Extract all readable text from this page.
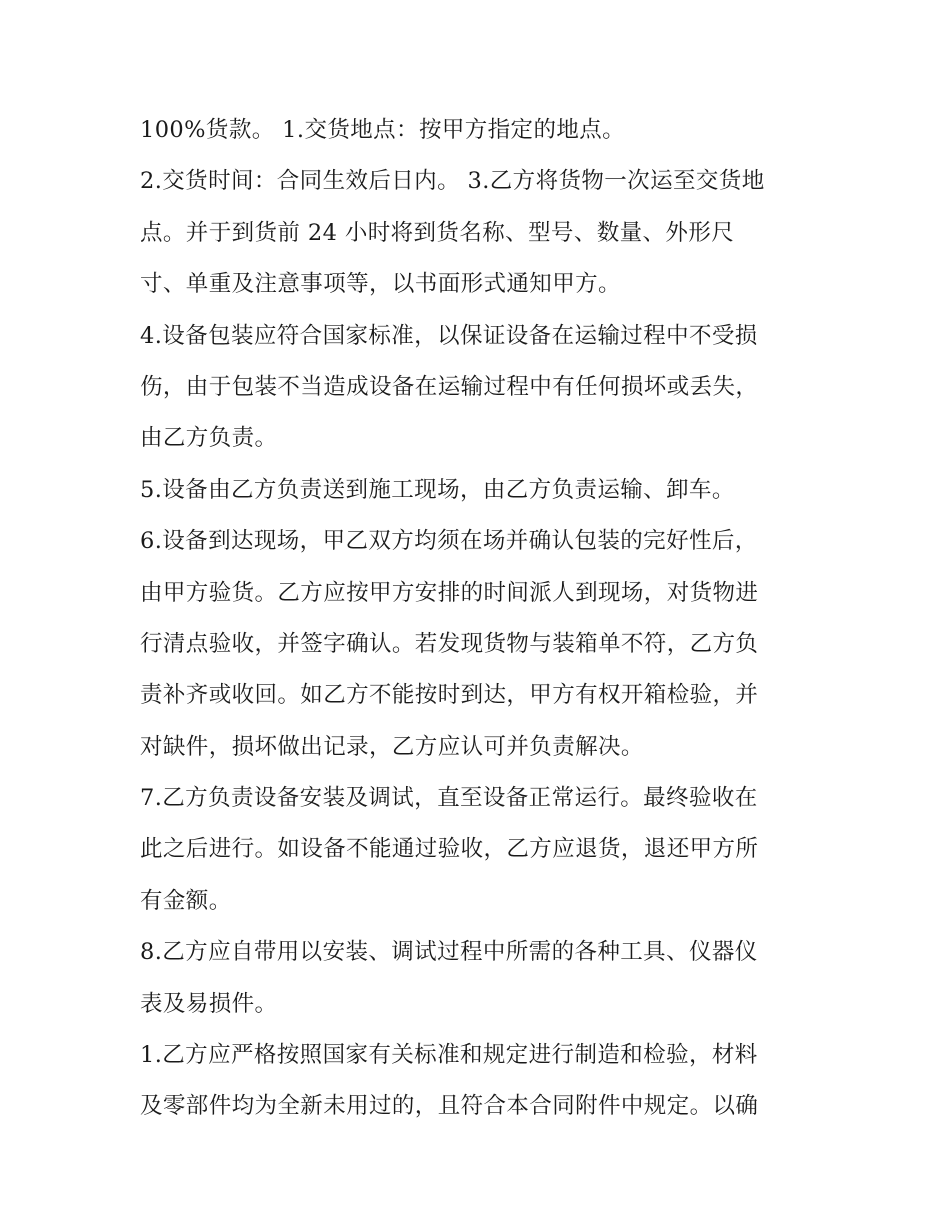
100%货款。 1.交货地点：按甲方指定的地点。
2.交货时间：合同生效后日内。 3.乙方将货物一次运至交货地
点。并于到货前 24 小时将到货名称、型号、数量、外形尺
寸、单重及注意事项等，以书面形式通知甲方。
4.设备包装应符合国家标准，以保证设备在运输过程中不受损
伤，由于包装不当造成设备在运输过程中有任何损坏或丢失，
由乙方负责。
5.设备由乙方负责送到施工现场，由乙方负责运输、卸车。
6.设备到达现场，甲乙双方均须在场并确认包装的完好性后，
由甲方验货。乙方应按甲方安排的时间派人到现场，对货物进
行清点验收，并签字确认。若发现货物与装箱单不符，乙方负
责补齐或收回。如乙方不能按时到达，甲方有权开箱检验，并
对缺件，损坏做出记录，乙方应认可并负责解决。
7.乙方负责设备安装及调试，直至设备正常运行。最终验收在
此之后进行。如设备不能通过验收，乙方应退货，退还甲方所
有金额。
8.乙方应自带用以安装、调试过程中所需的各种工具、仪器仪
表及易损件。
1.乙方应严格按照国家有关标准和规定进行制造和检验，材料
及零部件均为全新未用过的，且符合本合同附件中规定。以确
